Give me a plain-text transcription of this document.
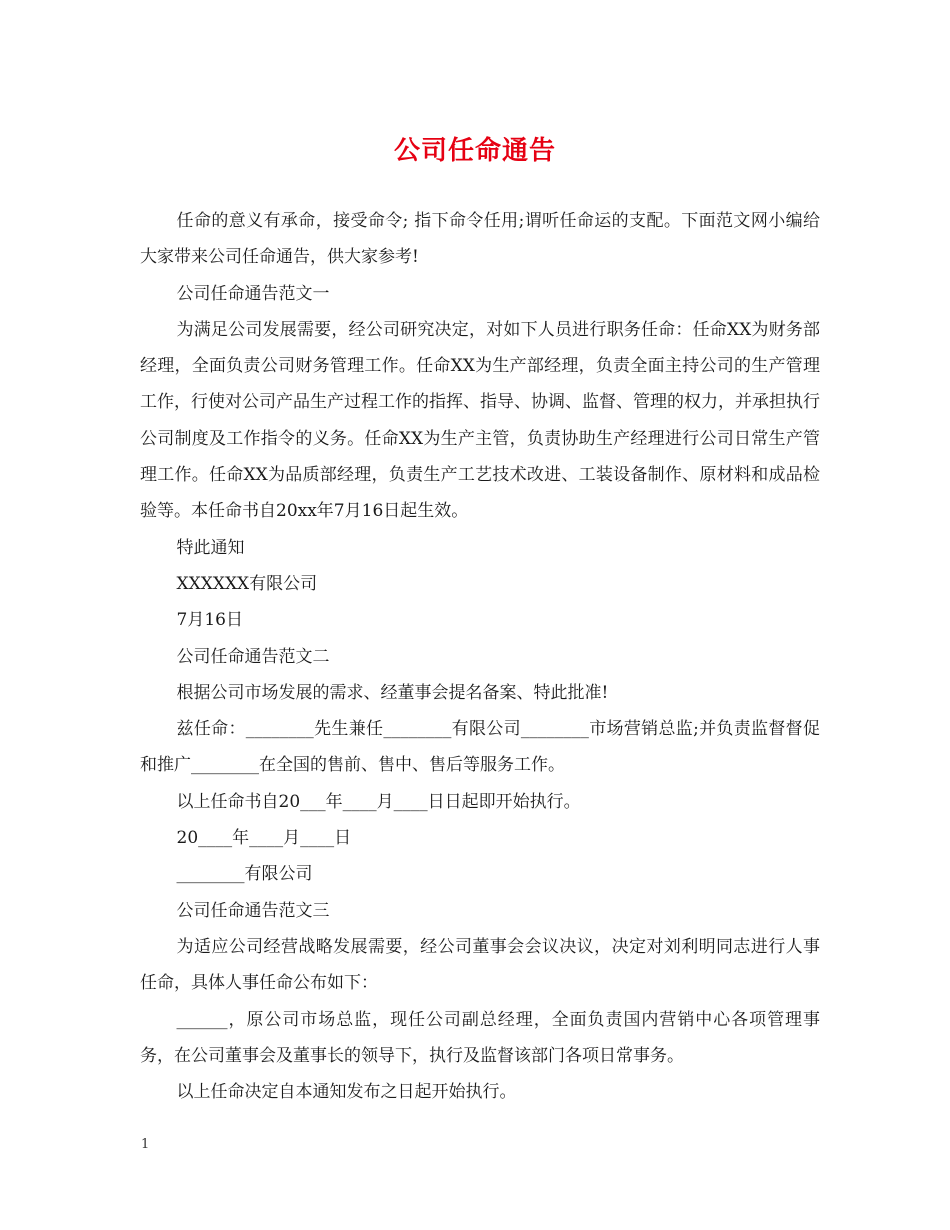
公司任命通告

任命的意义有承命，接受命令; 指下命令任用;谓听任命运的支配。下面范文网小编给大家带来公司任命通告，供大家参考!

公司任命通告范文一

为满足公司发展需要，经公司研究决定，对如下人员进行职务任命：任命XX为财务部经理，全面负责公司财务管理工作。任命XX为生产部经理，负责全面主持公司的生产管理工作，行使对公司产品生产过程工作的指挥、指导、协调、监督、管理的权力，并承担执行公司制度及工作指令的义务。任命XX为生产主管，负责协助生产经理进行公司日常生产管理工作。任命XX为品质部经理，负责生产工艺技术改进、工装设备制作、原材料和成品检验等。本任命书自20xx年7月16日起生效。

特此通知

XXXXXX有限公司

7月16日

公司任命通告范文二

根据公司市场发展的需求、经董事会提名备案、特此批准!

兹任命：________先生兼任________有限公司________市场营销总监;并负责监督督促和推广________在全国的售前、售中、售后等服务工作。

以上任命书自20___年____月____日日起即开始执行。

20____年____月____日

________有限公司

公司任命通告范文三

为适应公司经营战略发展需要，经公司董事会会议决议，决定对刘利明同志进行人事任命，具体人事任命公布如下：

______，原公司市场总监，现任公司副总经理，全面负责国内营销中心各项管理事务，在公司董事会及董事长的领导下，执行及监督该部门各项日常事务。

以上任命决定自本通知发布之日起开始执行。

1
